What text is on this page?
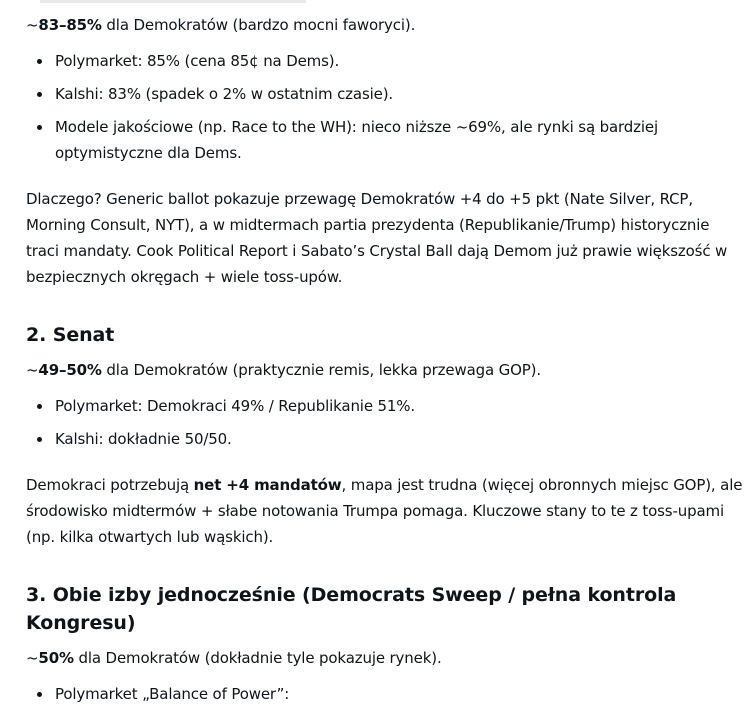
~83–85% dla Demokratów (bardzo mocni faworyci).

Polymarket: 85% (cena 85¢ na Dems).
Kalshi: 83% (spadek o 2% w ostatnim czasie).
Modele jakościowe (np. Race to the WH): nieco niższe ~69%, ale rynki są bardziej optymistyczne dla Dems.

Dlaczego? Generic ballot pokazuje przewagę Demokratów +4 do +5 pkt (Nate Silver, RCP, Morning Consult, NYT), a w midtermach partia prezydenta (Republikanie/Trump) historycznie traci mandaty. Cook Political Report i Sabato’s Crystal Ball dają Demom już prawie większość w bezpiecznych okręgach + wiele toss-upów.

2. Senat

~49–50% dla Demokratów (praktycznie remis, lekka przewaga GOP).

Polymarket: Demokraci 49% / Republikanie 51%.
Kalshi: dokładnie 50/50.

Demokraci potrzebują net +4 mandatów, mapa jest trudna (więcej obronnych miejsc GOP), ale środowisko midtermów + słabe notowania Trumpa pomaga. Kluczowe stany to te z toss-upami (np. kilka otwartych lub wąskich).

3. Obie izby jednocześnie (Democrats Sweep / pełna kontrola Kongresu)

~50% dla Demokratów (dokładnie tyle pokazuje rynek).

Polymarket „Balance of Power”:
